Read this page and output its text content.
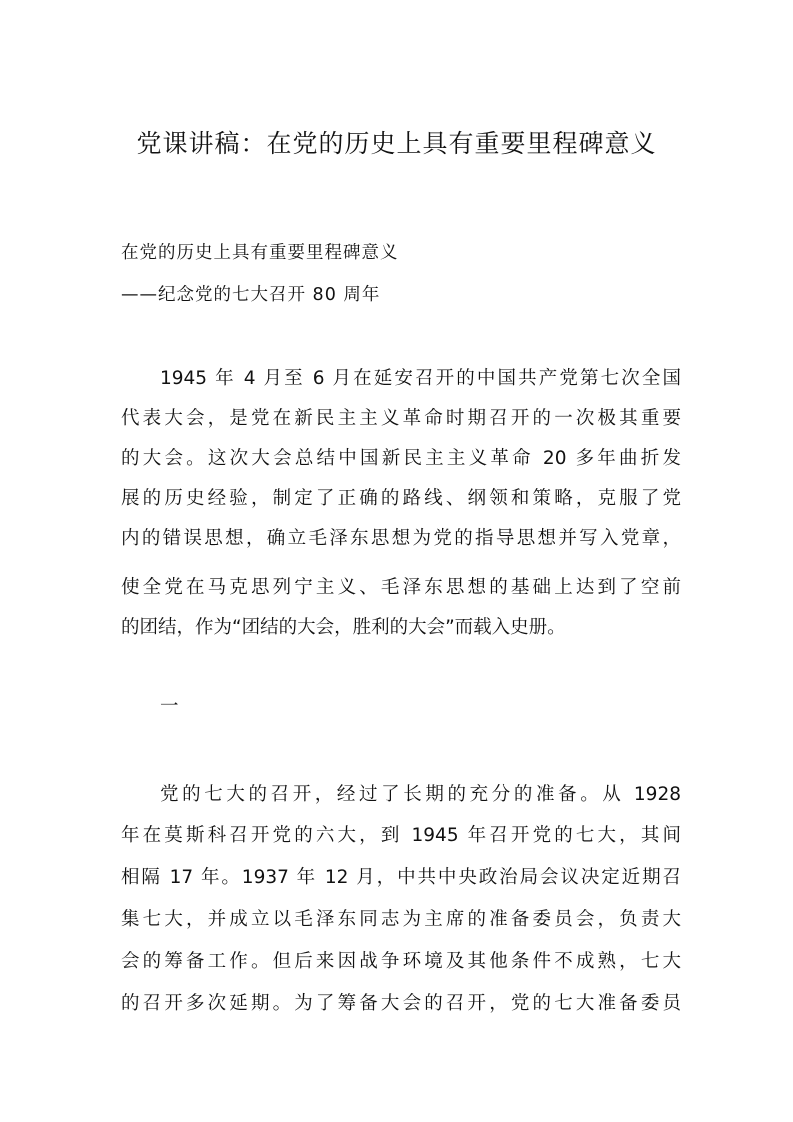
党课讲稿：在党的历史上具有重要里程碑意义
在党的历史上具有重要里程碑意义
——纪念党的七大召开 80 周年
1945 年 4 月至 6 月在延安召开的中国共产党第七次全国
代表大会，是党在新民主主义革命时期召开的一次极其重要
的大会。这次大会总结中国新民主主义革命 20 多年曲折发
展的历史经验，制定了正确的路线、纲领和策略，克服了党
内的错误思想，确立毛泽东思想为党的指导思想并写入党章，
使全党在马克思列宁主义、毛泽东思想的基础上达到了空前
的团结，作为“团结的大会，胜利的大会”而载入史册。
一
党的七大的召开，经过了长期的充分的准备。从 1928
年在莫斯科召开党的六大，到 1945 年召开党的七大，其间
相隔 17 年。1937 年 12 月，中共中央政治局会议决定近期召
集七大，并成立以毛泽东同志为主席的准备委员会，负责大
会的筹备工作。但后来因战争环境及其他条件不成熟，七大
的召开多次延期。为了筹备大会的召开，党的七大准备委员
